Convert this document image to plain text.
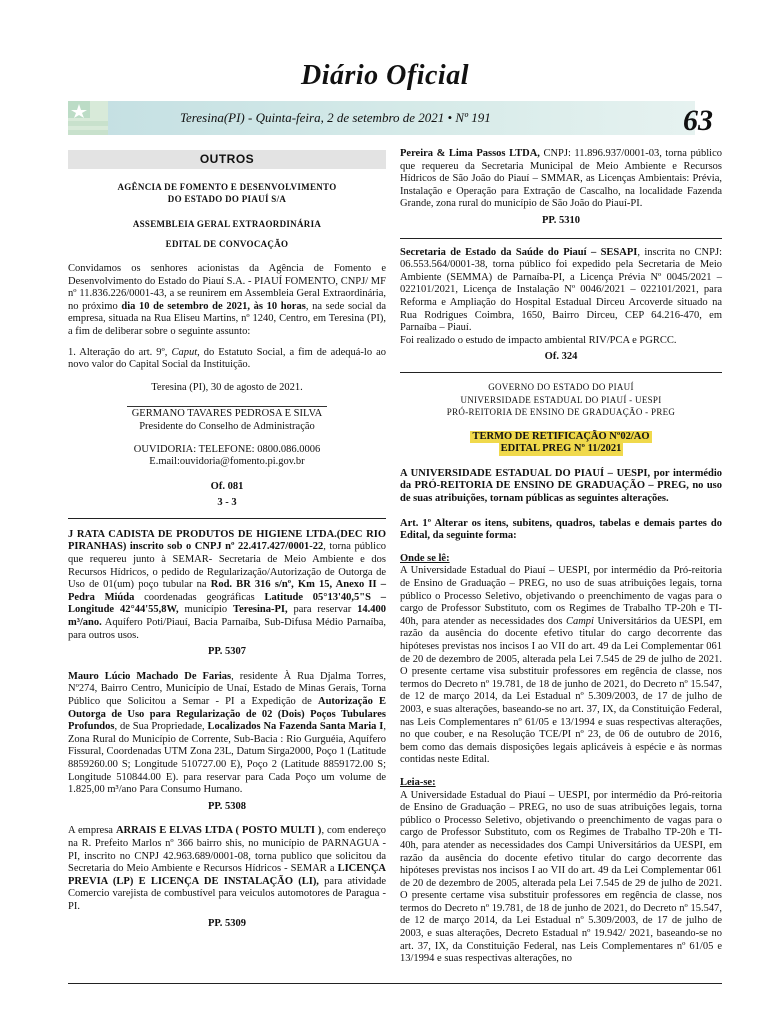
Diário Oficial
Teresina(PI) - Quinta-feira, 2 de setembro de 2021 • Nº 191	63
OUTROS
AGÊNCIA DE FOMENTO E DESENVOLVIMENTO
DO ESTADO DO PIAUÍ S/A
ASSEMBLEIA GERAL EXTRAORDINÁRIA
EDITAL DE CONVOCAÇÃO

Convidamos os senhores acionistas da Agência de Fomento e Desenvolvimento do Estado do Piauí S.A. - PIAUÍ FOMENTO, CNPJ/ MF nº 11.836.226/0001-43, a se reunirem em Assembleia Geral Extraordinária, no próximo dia 10 de setembro de 2021, às 10 horas, na sede social da empresa, situada na Rua Eliseu Martins, nº 1240, Centro, em Teresina (PI), a fim de deliberar sobre o seguinte assunto:

1. Alteração do art. 9º, Caput, do Estatuto Social, a fim de adequá-lo ao novo valor do Capital Social da Instituição.

Teresina (PI), 30 de agosto de 2021.
GERMANO TAVARES PEDROSA E SILVA
Presidente do Conselho de Administração
OUVIDORIA: TELEFONE: 0800.086.0006
E.mail:ouvidoria@fomento.pi.gov.br
Of. 081
3 - 3

J RATA CADISTA DE PRODUTOS DE HIGIENE LTDA.(DEC RIO PIRANHAS) inscrito sob o CNPJ nº 22.417.427/0001-22, torna público que requereu junto à SEMAR- Secretaria de Meio Ambiente e dos Recursos Hídricos, o pedido de Regularização/Autorização de Outorga de Uso de 01(um) poço tubular na Rod. BR 316 s/nº, Km 15, Anexo II – Pedra Miúda coordenadas geográficas Latitude 05°13'40,5"S – Longitude 42°44'55,8W, município Teresina-PI, para reservar 14.400 m³/ano. Aquífero Poti/Piauí, Bacia Parnaíba, Sub-Difusa Médio Parnaíba, para outros usos.

PP. 5307

Mauro Lúcio Machado De Farias, residente À Rua Djalma Torres, Nº274, Bairro Centro, Município de Unaí, Estado de Minas Gerais, Torna Público que Solicitou a Semar - PI a Expedição de Autorização E Outorga de Uso para Regularização de 02 (Dois) Poços Tubulares Profundos, de Sua Propriedade, Localizados Na Fazenda Santa Maria I, Zona Rural do Município de Corrente, Sub-Bacia : Rio Gurguéia, Aquífero Fissural, Coordenadas UTM Zona 23L, Datum Sirga2000, Poço 1 (Latitude 8859260.00 S; Longitude 510727.00 E), Poço 2 (Latitude 8859172.00 S; Longitude 510844.00 E). para reservar para Cada Poço um volume de 1.825,00 m³/ano Para Consumo Humano.

PP. 5308

A empresa ARRAIS E ELVAS LTDA ( POSTO MULTI ), com endereço na R. Prefeito Marlos nº 366 bairro shis, no município de PARNAGUA - PI, inscrito no CNPJ 42.963.689/0001-08, torna publico que solicitou da Secretaria do Meio Ambiente e Recursos Hídricos - SEMAR a LICENÇA PREVIA (LP) E LICENÇA DE INSTALAÇÃO (LI), para atividade Comercio varejista de combustível para veiculos automotores de Paragua - PI.

PP. 5309

Pereira & Lima Passos LTDA, CNPJ: 11.896.937/0001-03, torna público que requereu da Secretaria Municipal de Meio Ambiente e Recursos Hídricos de São João do Piauí – SMMAR, as Licenças Ambientais: Prévia, Instalação e Operação para Extração de Cascalho, na localidade Fazenda Grande, zona rural do município de São João do Piauí-PI.

PP. 5310

Secretaria de Estado da Saúde do Piauí – SESAPI, inscrita no CNPJ: 06.553.564/0001-38, torna público foi expedido pela Secretaria de Meio Ambiente (SEMMA) de Parnaíba-PI, a Licença Prévia Nº 0045/2021 – 022101/2021, Licença de Instalação Nº 0046/2021 – 022101/2021, para Reforma e Ampliação do Hospital Estadual Dirceu Arcoverde situado na Rua Rodrigues Coimbra, 1650, Bairro Dirceu, CEP 64.216-470, em Parnaíba – Piauí.

Foi realizado o estudo de impacto ambiental RIV/PCA e PGRCC.

Of. 324
GOVERNO DO ESTADO DO PIAUÍ
UNIVERSIDADE ESTADUAL DO PIAUÍ - UESPI
PRÓ-REITORIA DE ENSINO DE GRADUAÇÃO - PREG
TERMO DE RETIFICAÇÃO Nº02/AO
EDITAL PREG Nº 11/2021

A UNIVERSIDADE ESTADUAL DO PIAUÍ – UESPI, por intermédio da PRÓ-REITORIA DE ENSINO DE GRADUAÇÃO – PREG, no uso de suas atribuições, tornam públicas as seguintes alterações.

Art. 1º Alterar os itens, subitens, quadros, tabelas e demais partes do Edital, da seguinte forma:

Onde se lê:

A Universidade Estadual do Piauí – UESPI, por intermédio da Pró-reitoria de Ensino de Graduação – PREG, no uso de suas atribuições legais, torna público o Processo Seletivo, objetivando o preenchimento de vagas para o cargo de Professor Substituto, com os Regimes de Trabalho TP-20h e TI-40h, para atender as necessidades dos Campi Universitários da UESPI, em razão da ausência do docente efetivo titular do cargo decorrente das hipóteses previstas nos incisos I ao VII do art. 49 da Lei Complementar 061 de 20 de dezembro de 2005, alterada pela Lei 7.545 de 29 de julho de 2021. O presente certame visa substituir professores em regência de classe, nos termos do Decreto nº 19.781, de 18 de junho de 2021, do Decreto nº 15.547, de 12 de março 2014, da Lei Estadual nº 5.309/2003, de 17 de julho de 2003, e suas alterações, baseando-se no art. 37, IX, da Constituição Federal, nas Leis Complementares nº 61/05 e 13/1994 e suas respectivas alterações, no que couber, e na Resolução TCE/PI nº 23, de 06 de outubro de 2016, bem como das demais disposições legais aplicáveis à espécie e às normas contidas neste Edital.

Leia-se:

A Universidade Estadual do Piauí – UESPI, por intermédio da Pró-reitoria de Ensino de Graduação – PREG, no uso de suas atribuições legais, torna público o Processo Seletivo, objetivando o preenchimento de vagas para o cargo de Professor Substituto, com os Regimes de Trabalho TP-20h e TI-40h, para atender as necessidades dos Campi Universitários da UESPI, em razão da ausência do docente efetivo titular do cargo decorrente das hipóteses previstas nos incisos I ao VII do art. 49 da Lei Complementar 061 de 20 de dezembro de 2005, alterada pela Lei 7.545 de 29 de julho de 2021. O presente certame visa substituir professores em regência de classe, nos termos do Decreto nº 19.781, de 18 de junho de 2021, do Decreto nº 15.547, de 12 de março 2014, da Lei Estadual nº 5.309/2003, de 17 de julho de 2003, e suas alterações, Decreto Estadual nº 19.942/ 2021, baseando-se no art. 37, IX, da Constituição Federal, nas Leis Complementares nº 61/05 e 13/1994 e suas respectivas alterações, no
